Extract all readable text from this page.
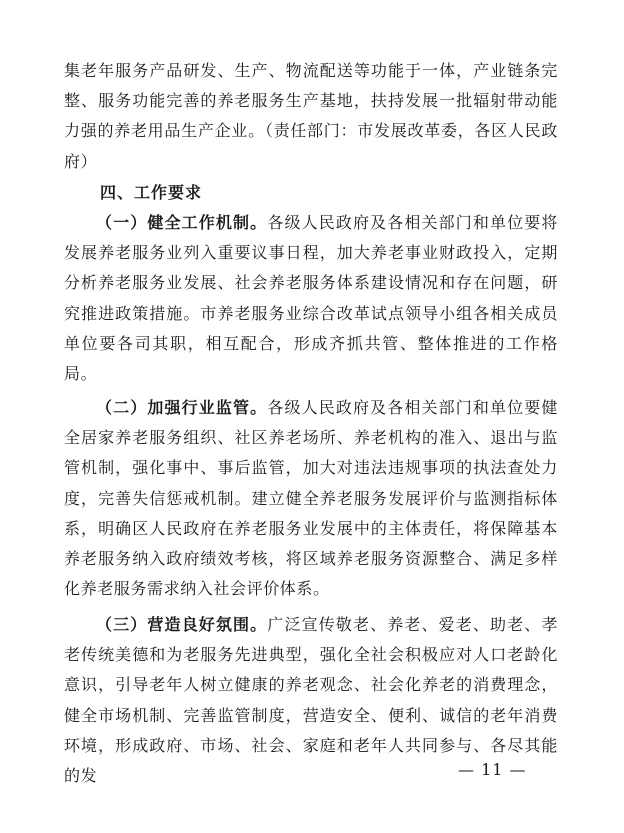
集老年服务产品研发、生产、物流配送等功能于一体，产业链条完整、服务功能完善的养老服务生产基地，扶持发展一批辐射带动能力强的养老用品生产企业。（责任部门：市发展改革委，各区人民政府）
四、工作要求

（一）健全工作机制。各级人民政府及各相关部门和单位要将发展养老服务业列入重要议事日程，加大养老事业财政投入，定期分析养老服务业发展、社会养老服务体系建设情况和存在问题，研究推进政策措施。市养老服务业综合改革试点领导小组各相关成员单位要各司其职，相互配合，形成齐抓共管、整体推进的工作格局。

（二）加强行业监管。各级人民政府及各相关部门和单位要健全居家养老服务组织、社区养老场所、养老机构的准入、退出与监管机制，强化事中、事后监管，加大对违法违规事项的执法查处力度，完善失信惩戒机制。建立健全养老服务发展评价与监测指标体系，明确区人民政府在养老服务业发展中的主体责任，将保障基本养老服务纳入政府绩效考核，将区域养老服务资源整合、满足多样化养老服务需求纳入社会评价体系。

（三）营造良好氛围。广泛宣传敬老、养老、爱老、助老、孝老传统美德和为老服务先进典型，强化全社会积极应对人口老龄化意识，引导老年人树立健康的养老观念、社会化养老的消费理念，健全市场机制、完善监管制度，营造安全、便利、诚信的老年消费环境，形成政府、市场、社会、家庭和老年人共同参与、各尽其能的发	— 11 —
